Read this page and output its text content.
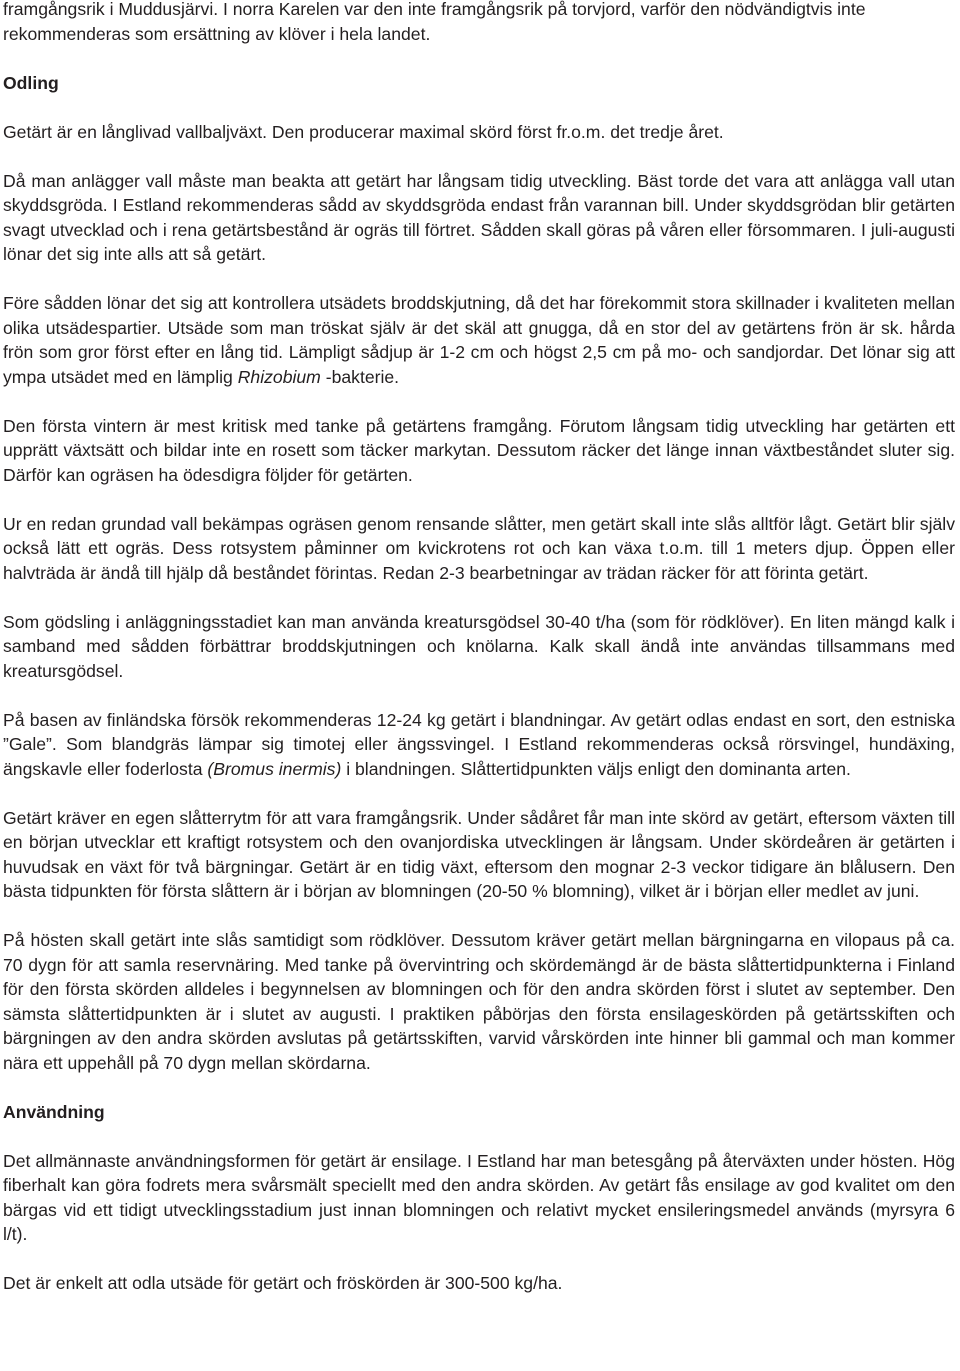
framgångsrik i Muddusjärvi. I norra Karelen var den inte framgångsrik på torvjord, varför den nödvändigtvis inte rekommenderas som ersättning av klöver i hela landet.

Odling

Getärt är en långlivad vallbaljväxt. Den producerar maximal skörd först fr.o.m. det tredje året.

Då man anlägger vall måste man beakta att getärt har långsam tidig utveckling. Bäst torde det vara att anlägga vall utan skyddsgröda. I Estland rekommenderas sådd av skyddsgröda endast från varannan bill. Under skyddsgrödan blir getärten svagt utvecklad och i rena getärtsbestånd är ogräs till förtret. Sådden skall göras på våren eller försommaren. I juli-augusti lönar det sig inte alls att så getärt.

Före sådden lönar det sig att kontrollera utsädets broddskjutning, då det har förekommit stora skillnader i kvaliteten mellan olika utsädespartier. Utsäde som man tröskat själv är det skäl att gnugga, då en stor del av getärtens frön är sk. hårda frön som gror först efter en lång tid. Lämpligt sådjup är 1-2 cm och högst 2,5 cm på mo- och sandjordar. Det lönar sig att ympa utsädet med en lämplig Rhizobium -bakterie.

Den första vintern är mest kritisk med tanke på getärtens framgång. Förutom långsam tidig utveckling har getärten ett upprätt växtsätt och bildar inte en rosett som täcker markytan. Dessutom räcker det länge innan växtbeståndet sluter sig. Därför kan ogräsen ha ödesdigra följder för getärten.

Ur en redan grundad vall bekämpas ogräsen genom rensande slåtter, men getärt skall inte slås alltför lågt. Getärt blir själv också lätt ett ogräs. Dess rotsystem påminner om kvickrotens rot och kan växa t.o.m. till 1 meters djup. Öppen eller halvträda är ändå till hjälp då beståndet förintas. Redan 2-3 bearbetningar av trädan räcker för att förinta getärt.

Som gödsling i anläggningsstadiet kan man använda kreatursgödsel 30-40 t/ha (som för rödklöver). En liten mängd kalk i samband med sådden förbättrar broddskjutningen och knölarna. Kalk skall ändå inte användas tillsammans med kreatursgödsel.

På basen av finländska försök rekommenderas 12-24 kg getärt i blandningar. Av getärt odlas endast en sort, den estniska ”Gale”. Som blandgräs lämpar sig timotej eller ängssvingel. I Estland rekommenderas också rörsvingel, hundäxing, ängskavle eller foderlosta (Bromus inermis) i blandningen. Slåttertidpunkten väljs enligt den dominanta arten.

Getärt kräver en egen slåtterrytm för att vara framgångsrik. Under sådåret får man inte skörd av getärt, eftersom växten till en början utvecklar ett kraftigt rotsystem och den ovanjordiska utvecklingen är långsam. Under skördeåren är getärten i huvudsak en växt för två bärgningar. Getärt är en tidig växt, eftersom den mognar 2-3 veckor tidigare än blålusern. Den bästa tidpunkten för första slåttern är i början av blomningen (20-50 % blomning), vilket är i början eller medlet av juni.

På hösten skall getärt inte slås samtidigt som rödklöver. Dessutom kräver getärt mellan bärgningarna en vilopaus på ca. 70 dygn för att samla reservnäring. Med tanke på övervintring och skördemängd är de bästa slåttertidpunkterna i Finland för den första skörden alldeles i begynnelsen av blomningen och för den andra skörden först i slutet av september. Den sämsta slåttertidpunkten är i slutet av augusti. I praktiken påbörjas den första ensilageskörden på getärtsskiften och bärgningen av den andra skörden avslutas på getärtsskiften, varvid vårskörden inte hinner bli gammal och man kommer nära ett uppehåll på 70 dygn mellan skördarna.

Användning

Det allmännaste användningsformen för getärt är ensilage. I Estland har man betesgång på återväxten under hösten. Hög fiberhalt kan göra fodrets mera svårsmält speciellt med den andra skörden. Av getärt fås ensilage av god kvalitet om den bärgas vid ett tidigt utvecklingsstadium just innan blomningen och relativt mycket ensileringsmedel används (myrsyra 6 l/t).

Det är enkelt att odla utsäde för getärt och fröskörden är 300-500 kg/ha.
